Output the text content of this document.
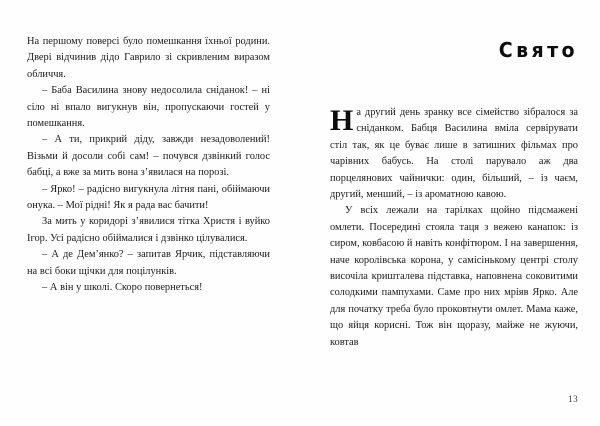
На першому поверсі було помешкання їхньої родини. Двері відчинив дідо Гаврило зі скривленим виразом обличчя.

– Баба Василина знову недосолила сніданок! – ні сіло ні впало вигукнув він, пропускаючи гостей у помешкання.

– А ти, прикрий діду, завжди незадоволений! Візьми й досоли собі сам! – почувся дзвінкий голос бабці, а вже за мить вона з’явилася на порозі.

– Ярко! – радісно вигукнула літня пані, обіймаючи онука. – Мої рідні! Як я рада вас бачити!

За мить у коридорі з’явилися тітка Христя і вуйко Ігор. Усі радісно обіймалися і дзвінко цілувалися.

– А де Дем’янко? – запитав Ярчик, підставляючи на всі боки щічки для поцілунків.

– А він у школі. Скоро повернеться!

Свято

На другий день зранку все сімейство зібралося за сніданком. Бабця Василина вміла сервірувати стіл так, як це буває лише в затишних фільмах про чарівних бабусь. На столі парувало аж два порцелянових чайнички: один, більший, – із чаєм, другий, менший, – із ароматною кавою.

У всіх лежали на тарілках щойно підсмажені омлети. Посередині стояла таця з вежею канапок: із сиром, ковбасою й навіть конфітюром. І на завершення, наче королівська корона, у самісінькому центрі столу височіла кришталева підставка, наповнена соковитими солодкими пампухами. Саме про них мріяв Ярко. Але для початку треба було проковтнути омлет. Мама каже, що яйця корисні. Тож він щоразу, майже не жуючи, ковтав

13
